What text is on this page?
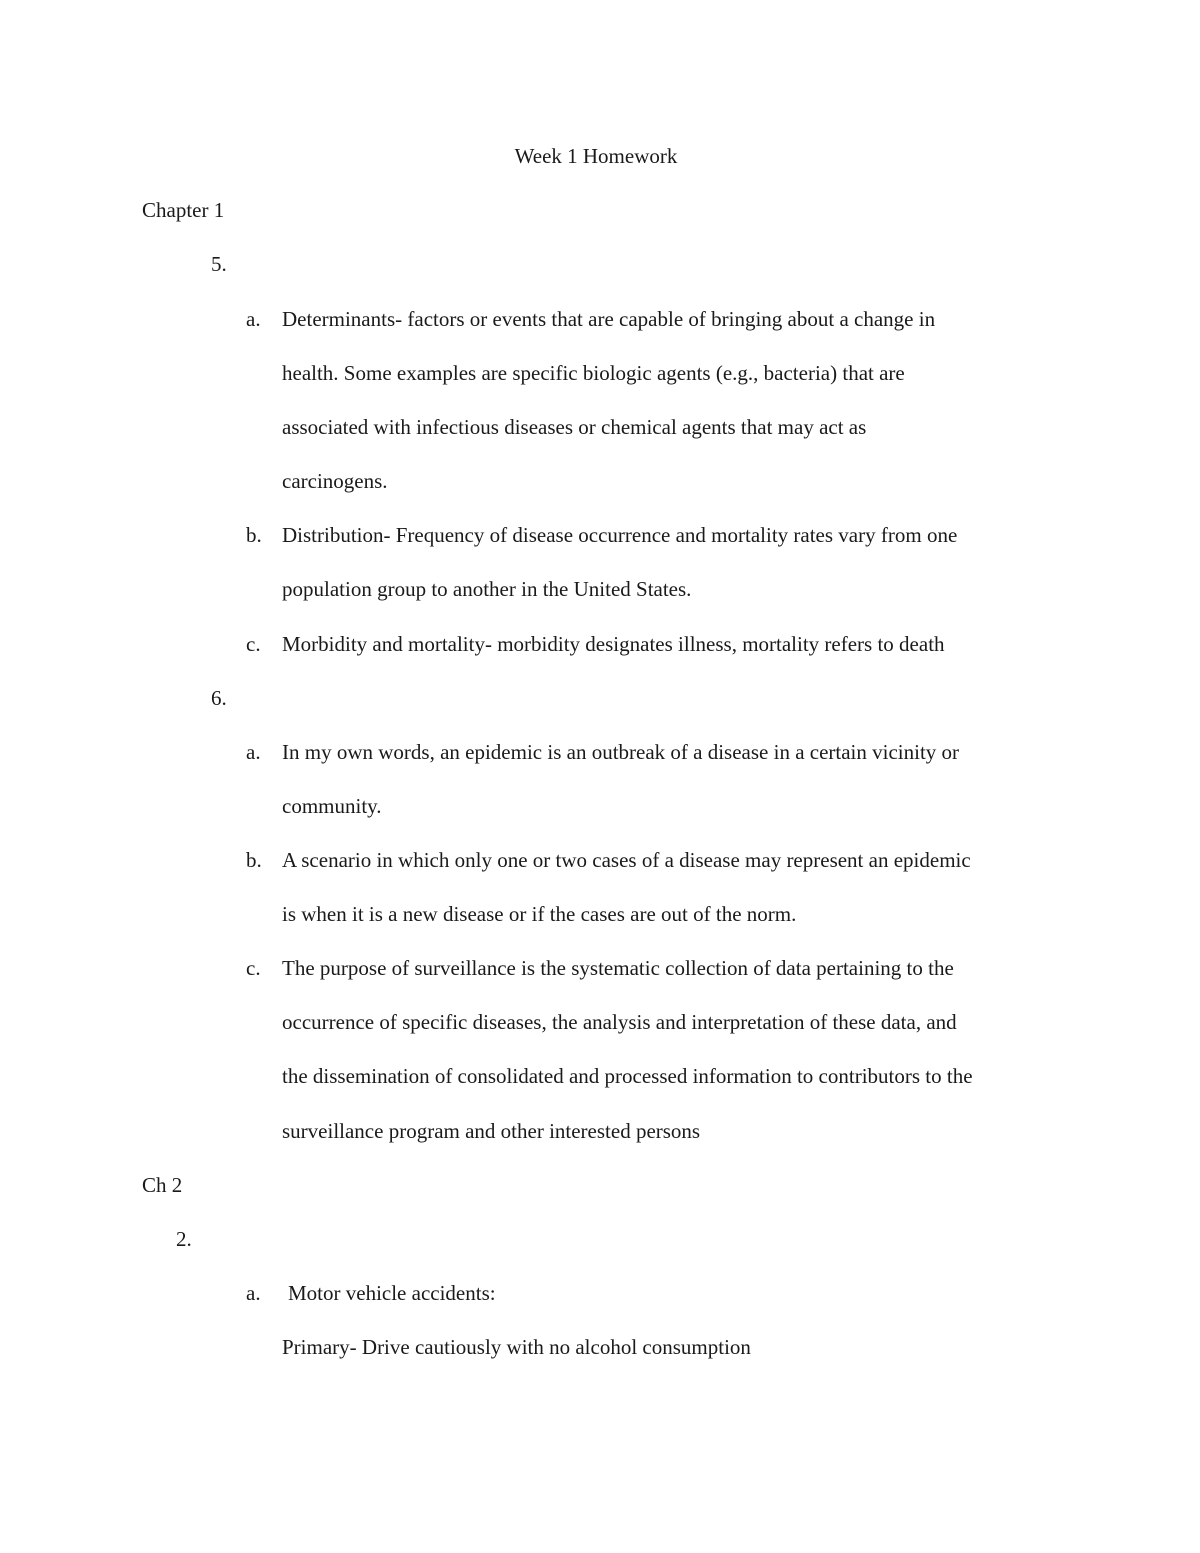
Week 1 Homework

Chapter 1

5.

a. Determinants- factors or events that are capable of bringing about a change in

health. Some examples are specific biologic agents (e.g., bacteria) that are

associated with infectious diseases or chemical agents that may act as

carcinogens.

b. Distribution- Frequency of disease occurrence and mortality rates vary from one

population group to another in the United States.

c. Morbidity and mortality- morbidity designates illness, mortality refers to death

6.

a. In my own words, an epidemic is an outbreak of a disease in a certain vicinity or

community.

b. A scenario in which only one or two cases of a disease may represent an epidemic

is when it is a new disease or if the cases are out of the norm.

c. The purpose of surveillance is the systematic collection of data pertaining to the

occurrence of specific diseases, the analysis and interpretation of these data, and

the dissemination of consolidated and processed information to contributors to the

surveillance program and other interested persons

Ch 2

2.

a. Motor vehicle accidents:

Primary- Drive cautiously with no alcohol consumption
